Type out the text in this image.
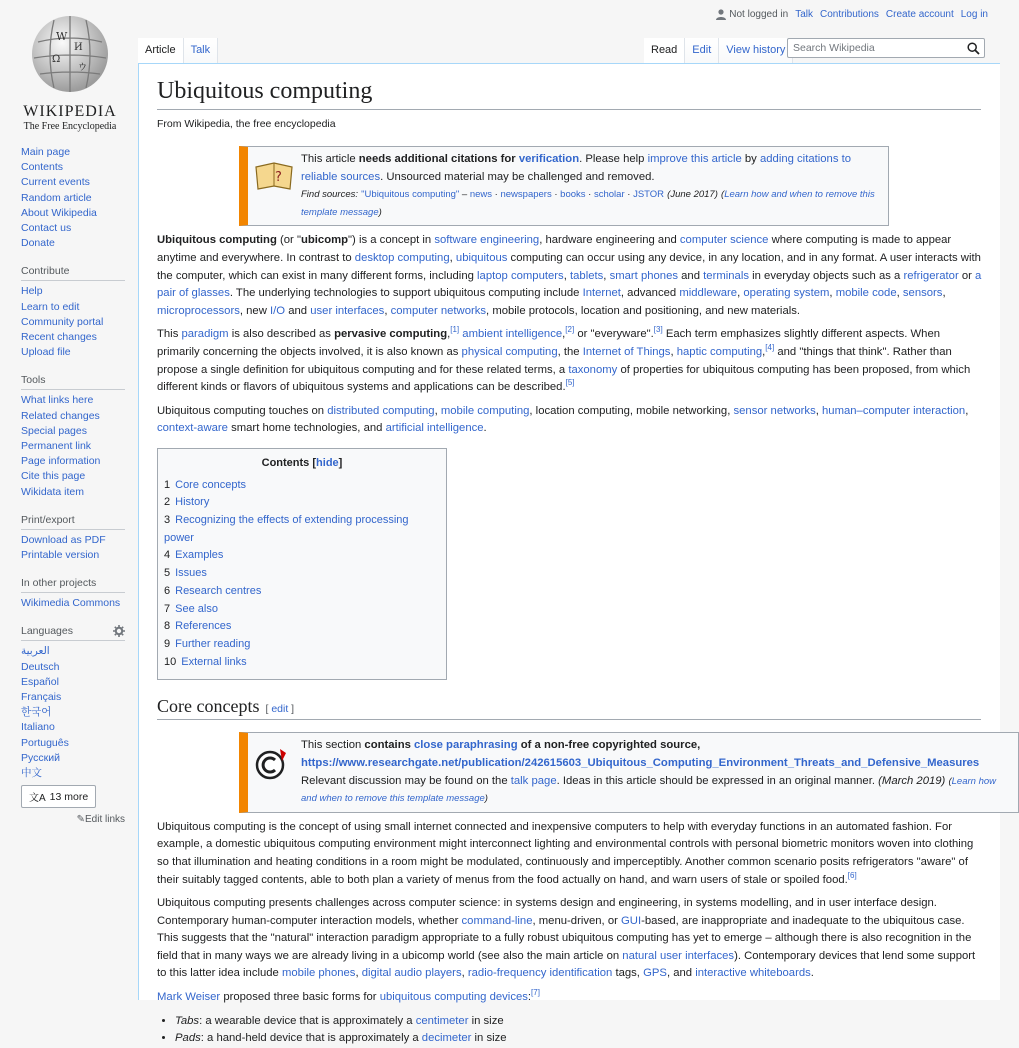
W
И
Ω
ウ
WIKIPEDIA
The Free Encyclopedia
Main page
Contents
Current events
Random article
About Wikipedia
Contact us
Donate
Contribute
Help
Learn to edit
Community portal
Recent changes
Upload file
Tools
What links here
Related changes
Special pages
Permanent link
Page information
Cite this page
Wikidata item
Print/export
Download as PDF
Printable version
In other projects
Wikimedia Commons
Languages
العربية
Deutsch
Español
Français
한국어
Italiano
Português
Русский
中文
文A 13 more
✎Edit links
Not logged in Talk Contributions Create account Log in
Article	Talk	Read	Edit	View history Search Wikipedia
Ubiquitous computing
From Wikipedia, the free encyclopedia
?
This article needs additional citations for verification. Please help improve this article by adding citations to reliable sources. Unsourced material may be challenged and removed.
Find sources: "Ubiquitous computing" – news · newspapers · books · scholar · JSTOR (June 2017) (Learn how and when to remove this template message)

Ubiquitous computing (or "ubicomp") is a concept in software engineering, hardware engineering and computer science where computing is made to appear anytime and everywhere. In contrast to desktop computing, ubiquitous computing can occur using any device, in any location, and in any format. A user interacts with the computer, which can exist in many different forms, including laptop computers, tablets, smart phones and terminals in everyday objects such as a refrigerator or a pair of glasses. The underlying technologies to support ubiquitous computing include Internet, advanced middleware, operating system, mobile code, sensors, microprocessors, new I/O and user interfaces, computer networks, mobile protocols, location and positioning, and new materials.

This paradigm is also described as pervasive computing,[1] ambient intelligence,[2] or "everyware".[3] Each term emphasizes slightly different aspects. When primarily concerning the objects involved, it is also known as physical computing, the Internet of Things, haptic computing,[4] and "things that think". Rather than propose a single definition for ubiquitous computing and for these related terms, a taxonomy of properties for ubiquitous computing has been proposed, from which different kinds or flavors of ubiquitous systems and applications can be described.[5]

Ubiquitous computing touches on distributed computing, mobile computing, location computing, mobile networking, sensor networks, human–computer interaction, context-aware smart home technologies, and artificial intelligence.

Contents [hide]
1 Core concepts
2 History
3 Recognizing the effects of extending processing power
4 Examples
5 Issues
6 Research centres
7 See also
8 References
9 Further reading
10 External links
Core concepts [ edit ]
This section contains close paraphrasing of a non-free copyrighted source,
https://www.researchgate.net/publication/242615603_Ubiquitous_Computing_Environment_Threats_and_Defensive_Measures
Relevant discussion may be found on the talk page. Ideas in this article should be expressed in an original manner. (March 2019) (Learn how and when to remove this template message)

Ubiquitous computing is the concept of using small internet connected and inexpensive computers to help with everyday functions in an automated fashion. For example, a domestic ubiquitous computing environment might interconnect lighting and environmental controls with personal biometric monitors woven into clothing so that illumination and heating conditions in a room might be modulated, continuously and imperceptibly. Another common scenario posits refrigerators "aware" of their suitably tagged contents, able to both plan a variety of menus from the food actually on hand, and warn users of stale or spoiled food.[6]

Ubiquitous computing presents challenges across computer science: in systems design and engineering, in systems modelling, and in user interface design. Contemporary human-computer interaction models, whether command-line, menu-driven, or GUI-based, are inappropriate and inadequate to the ubiquitous case. This suggests that the "natural" interaction paradigm appropriate to a fully robust ubiquitous computing has yet to emerge – although there is also recognition in the field that in many ways we are already living in a ubicomp world (see also the main article on natural user interfaces). Contemporary devices that lend some support to this latter idea include mobile phones, digital audio players, radio-frequency identification tags, GPS, and interactive whiteboards.

Mark Weiser proposed three basic forms for ubiquitous computing devices:[7]

• Tabs: a wearable device that is approximately a centimeter in size
• Pads: a hand-held device that is approximately a decimeter in size
